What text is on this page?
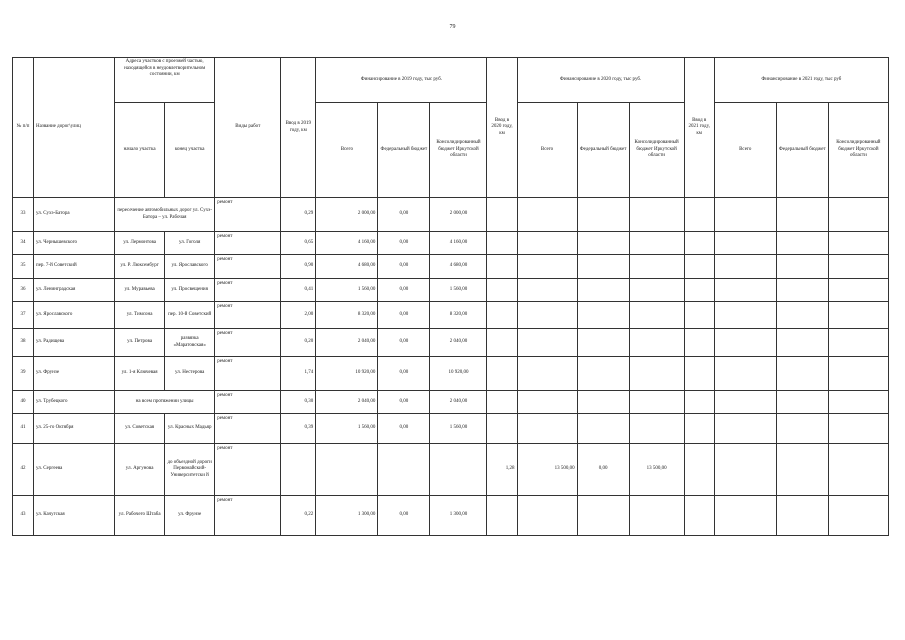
79
№ п/п	Название дорог\улиц	Адреса участков с проезжей частью, находящейся в неудовлетворительном состоянии, км		Виды работ	Ввод в 2019 году, км	Финансирование в 2019 году, тыс руб.			Ввод в 2020 году, км	Финансирование в 2020 году, тыс руб.			Ввод в 2021 году, км	Финансирование в 2021 году, тыс руб		
		начало участка	конец участка			Всего	Федеральный бюджет	Консолидированный бюджет Иркутской области		Всего	Федеральный бюджет	Консолидированный бюджет Иркутской области		Всего	Федеральный бюджет	Консолидированный бюджет Иркутской области
33	ул. Сухэ-Батора	пересечение автомобильных дорог ул. Сухэ-Батора – ул. Рабочая		ремонт	0,29	2 000,00	0,00	2 000,00								
34	ул. Чернышевского	ул. Лермонтова	ул. Гоголя	ремонт	0,65	4 160,00	0,00	4 160,00								
35	пер. 7-й Советский	ул. Р. Люксембург	ул. Ярославского	ремонт	0,90	4 680,00	0,00	4 680,00								
36	ул. Ленинградская	ул. Муравьева	ул. Просвещения	ремонт	0,41	1 560,00	0,00	1 560,00								
37	ул. Ярославского	ул. Тимсона	пер. 10-й Советский	ремонт	2,00	8 320,00	0,00	8 320,00								
38	ул. Радищева	ул. Петрова	развязка «Маратовская»	ремонт	0,20	2 040,00	0,00	2 040,00								
39	ул. Фрунзе	ул. 1-я Ключевая	ул. Нестерова	ремонт	1,74	10 920,00	0,00	10 920,00								
40	ул. Трубецкого	на всем протяжении улицы		ремонт	0,30	2 040,00	0,00	2 040,00								
41	ул. 25-го Октября	ул. Советская	ул. Красных Мадьяр	ремонт	0,39	1 560,00	0,00	1 560,00								
42	ул. Сергеева	ул. Аргунова	до объездной дороги Первомайский-Университетски й	ремонт					1,28	13 500,00	0,00	13 500,00				
43	ул. Качугская	ул. Рабочего Штаба	ул. Фрунзе	ремонт	0,22	1 300,00	0,00	1 300,00								
